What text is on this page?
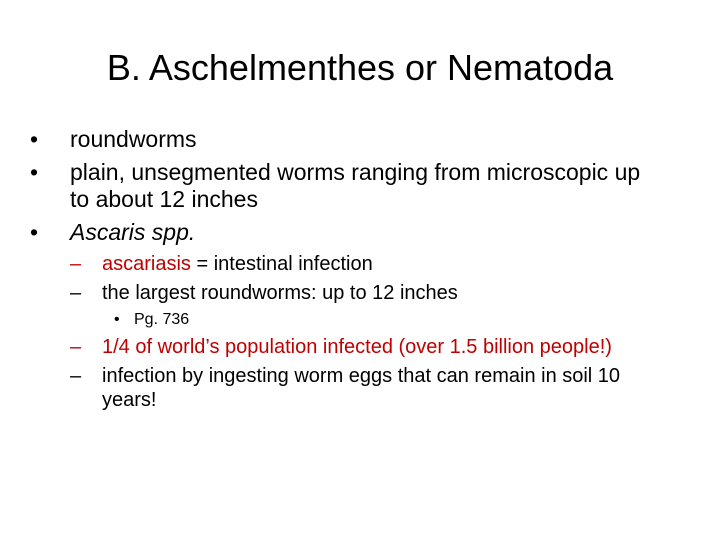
B. Aschelmenthes or Nematoda
•	roundworms
•	plain, unsegmented worms ranging from microscopic up to about 12 inches
•	Ascaris spp.
–	ascariasis = intestinal infection
–	the largest roundworms: up to 12 inches
• Pg. 736
–	1/4 of world’s population infected (over 1.5 billion people!)
–	infection by ingesting worm eggs that can remain in soil 10 years!
